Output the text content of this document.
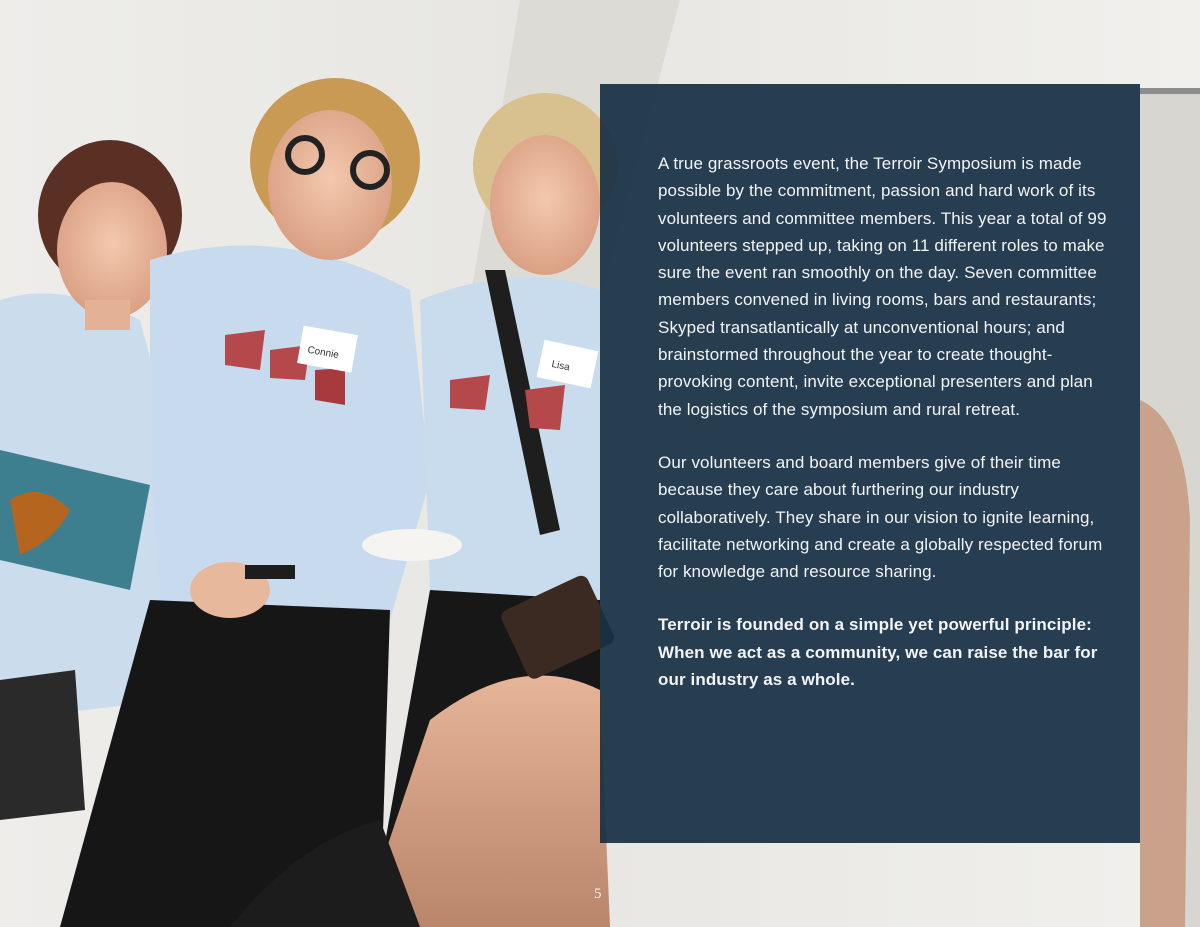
Connie
Lisa

A true grassroots event, the Terroir Symposium is made possible by the commitment, passion and hard work of its volunteers and committee members. This year a total of 99 volunteers stepped up, taking on 11 different roles to make sure the event ran smoothly on the day. Seven committee members convened in living rooms, bars and restaurants; Skyped transatlantically at unconventional hours; and brainstormed throughout the year to create thought-provoking content, invite exceptional presenters and plan the logistics of the symposium and rural retreat.

Our volunteers and board members give of their time because they care about furthering our industry collaboratively. They share in our vision to ignite learning, facilitate networking and create a globally respected forum for knowledge and resource sharing.

Terroir is founded on a simple yet powerful principle: When we act as a community, we can raise the bar for our industry as a whole.

5
